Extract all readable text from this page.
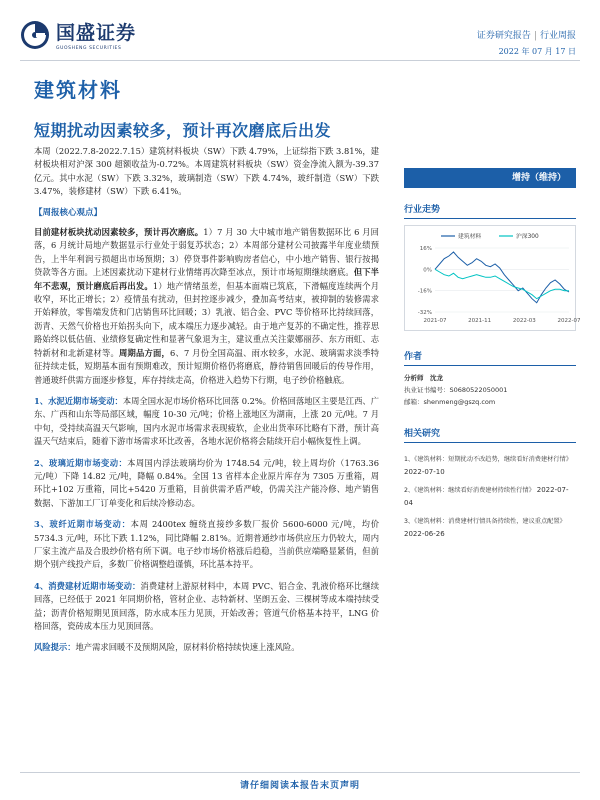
国盛证券
GUOSHENG SECURITIES
证券研究报告 | 行业周报
2022 年 07 月 17 日
建筑材料
短期扰动因素较多，预计再次磨底后出发

本周（2022.7.8-2022.7.15）建筑材料板块（SW）下跌 4.79%，上证综指下跌 3.81%，建材板块相对沪深 300 超额收益为-0.72%。本周建筑材料板块（SW）资金净流入额为-39.37 亿元。其中水泥（SW）下跌 3.32%，玻璃制造（SW）下跌 4.74%，玻纤制造（SW）下跌 3.47%，装修建材（SW）下跌 6.41%。

【周报核心观点】

目前建材板块扰动因素较多，预计再次磨底。1）7 月 30 大中城市地产销售数据环比 6 月回落，6 月统计局地产数据显示行业处于弱复苏状态；2）本周部分建材公司披露半年度业绩预告，上半年利润亏损超出市场预期；3）停贷事件影响购房者信心，中小地产销售、银行按揭贷款等各方面。上述因素扰动下建材行业情绪再次降至冰点，预计市场短期继续磨底。但下半年不悲观，预计磨底后再出发。1）地产情绪虽差，但基本面端已筑底，下滑幅度连续两个月收窄，环比正增长；2）疫情虽有扰动，但封控逐步减少，叠加高考结束，被抑制的装修需求开始释放，零售端发货和门店销售环比回暖；3）乳液、铝合金、PVC 等价格环比持续回落，沥青、天然气价格也开始拐头向下，成本端压力逐步减轻。由于地产复苏的不确定性，推荐思路始终以低估值、业绩修复确定性和显著气象退为主，建议重点关注蒙娜丽莎、东方雨虹、志特新材和北新建材等。周期品方面，6、7 月份全国高温、雨水较多，水泥、玻璃需求淡季特征持续走低，短期基本面有预期难改，预计短期价格仍将磨底，静待销售回暖后的传导作用，普通玻纤供需方面逐步修复，库存持续走高，价格进入趋势下行期，电子纱价格触底。

1、水泥近期市场变动：本周全国水泥市场价格环比回落 0.2%。价格回落地区主要是江西、广东、广西和山东等局部区域，幅度 10-30 元/吨；价格上涨地区为湖南，上涨 20 元/吨。7 月中旬，受持续高温天气影响，国内水泥市场需求表现疲软，企业出货率环比略有下滑，预计高温天气结束后，随着下游市场需求环比改善，各地水泥价格将会陆续开启小幅恢复性上调。

2、玻璃近期市场变动：本周国内浮法玻璃均价为 1748.54 元/吨，较上周均价（1763.36 元/吨）下降 14.82 元/吨，降幅 0.84%。全国 13 省样本企业原片库存为 7305 万重箱，周环比+102 万重箱，同比+5420 万重箱，目前供需矛盾严峻，仍需关注产能冷修、地产销售数据、下游加工厂订单变化和后续冷修动态。

3、玻纤近期市场变动：本周 2400tex 缠绕直接纱多数厂报价 5600-6000 元/吨，均价 5734.3 元/吨，环比下跌 1.12%，同比降幅 2.81%。近期普通纱市场供应压力仍较大，周内厂家主流产品及合股纱价格有所下调。电子纱市场价格涨后趋稳，当前供应端略显紧俏，但前期个别产线投产后，多数厂价格调整趋谨慎，环比基本持平。

4、消费建材近期市场变动：消费建材上游原材料中，本周 PVC、铝合金、乳液价格环比继续回落，已经低于 2021 年同期价格，管材企业、志特新材、坚朗五金、三棵树等成本端持续受益；沥青价格短期见顶回落，防水成本压力见顶，开始改善；管道气价格基本持平，LNG 价格回落，瓷砖成本压力见顶回落。

风险提示：地产需求回暖不及预期风险，原材料价格持续快速上涨风险。

增持（维持）
行业走势
16%
0%
-16%
-32%
2021-07	2021-11	2022-03	2022-07
建筑材料	沪深300
作者
分析师　沈龙
执业证书编号：S0680522050001
邮箱：shenmeng@gszq.com
相关研究
1、《建筑材料：短期扰动不改趋势，继续看好消费建材行情》 2022-07-10
2、《建筑材料：继续看好消费建材持续性行情》 2022-07-04
3、《建筑材料：消费建材行情具备持续性，建议重点配置》 2022-06-26
请仔细阅读本报告末页声明
